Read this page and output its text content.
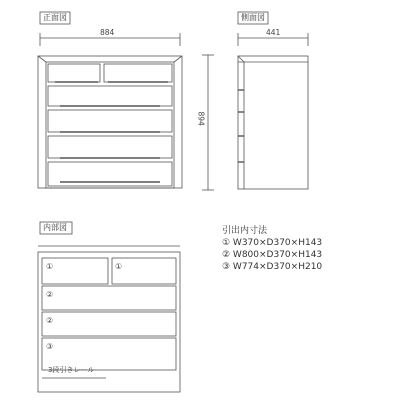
正面図	側面図
内部図
884	441
894
①	①
②
②
③
3段引きレール
引出内寸法
① W370×D370×H143
② W800×D370×H143
③ W774×D370×H210
